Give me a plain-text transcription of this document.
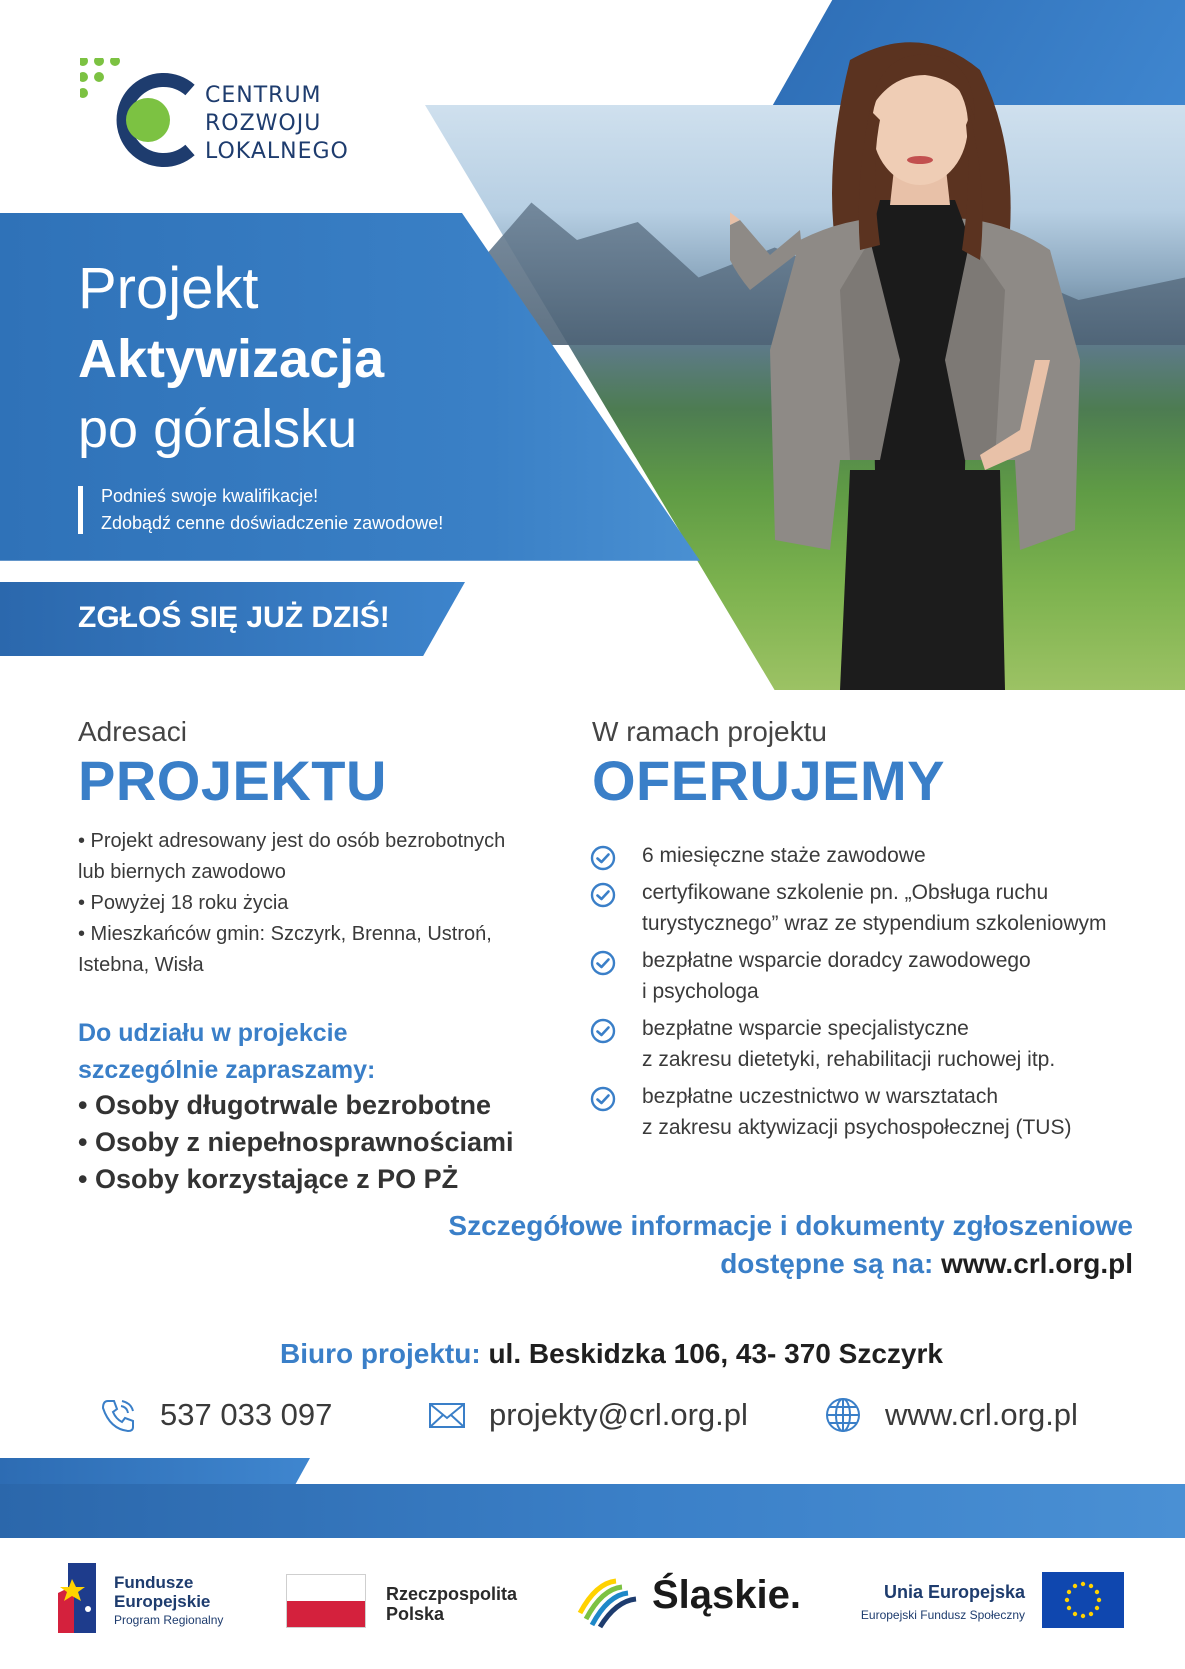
CENTRUM
ROZWOJU
LOKALNEGO
Projekt
Aktywizacja
po góralsku
Podnieś swoje kwalifikacje!
Zdobądź cenne doświadczenie zawodowe!
ZGŁOŚ SIĘ JUŻ DZIŚ!
Adresaci
PROJEKTU
• Projekt adresowany jest do osób bezrobotnych
lub biernych zawodowo
• Powyżej 18 roku życia
• Mieszkańców gmin: Szczyrk, Brenna, Ustroń,
Istebna, Wisła
Do udziału w projekcie
szczególnie zapraszamy:
• Osoby długotrwale bezrobotne
• Osoby z niepełnosprawnościami
• Osoby korzystające z PO PŻ
W ramach projektu
OFERUJEMY
6 miesięczne staże zawodowe
certyfikowane szkolenie pn. „Obsługa ruchu
turystycznego” wraz ze stypendium szkoleniowym
bezpłatne wsparcie doradcy zawodowego
i psychologa
bezpłatne wsparcie specjalistyczne
z zakresu dietetyki, rehabilitacji ruchowej itp.
bezpłatne uczestnictwo w warsztatach
z zakresu aktywizacji psychospołecznej (TUS)
Szczegółowe informacje i dokumenty zgłoszeniowe
dostępne są na: www.crl.org.pl
Biuro projektu: ul. Beskidzka 106, 43- 370 Szczyrk
537 033 097	projekty@crl.org.pl	www.crl.org.pl
Fundusze
Europejskie
Program Regionalny
Rzeczpospolita
Polska	Śląskie.	Unia Europejska
Europejski Fundusz Społeczny
